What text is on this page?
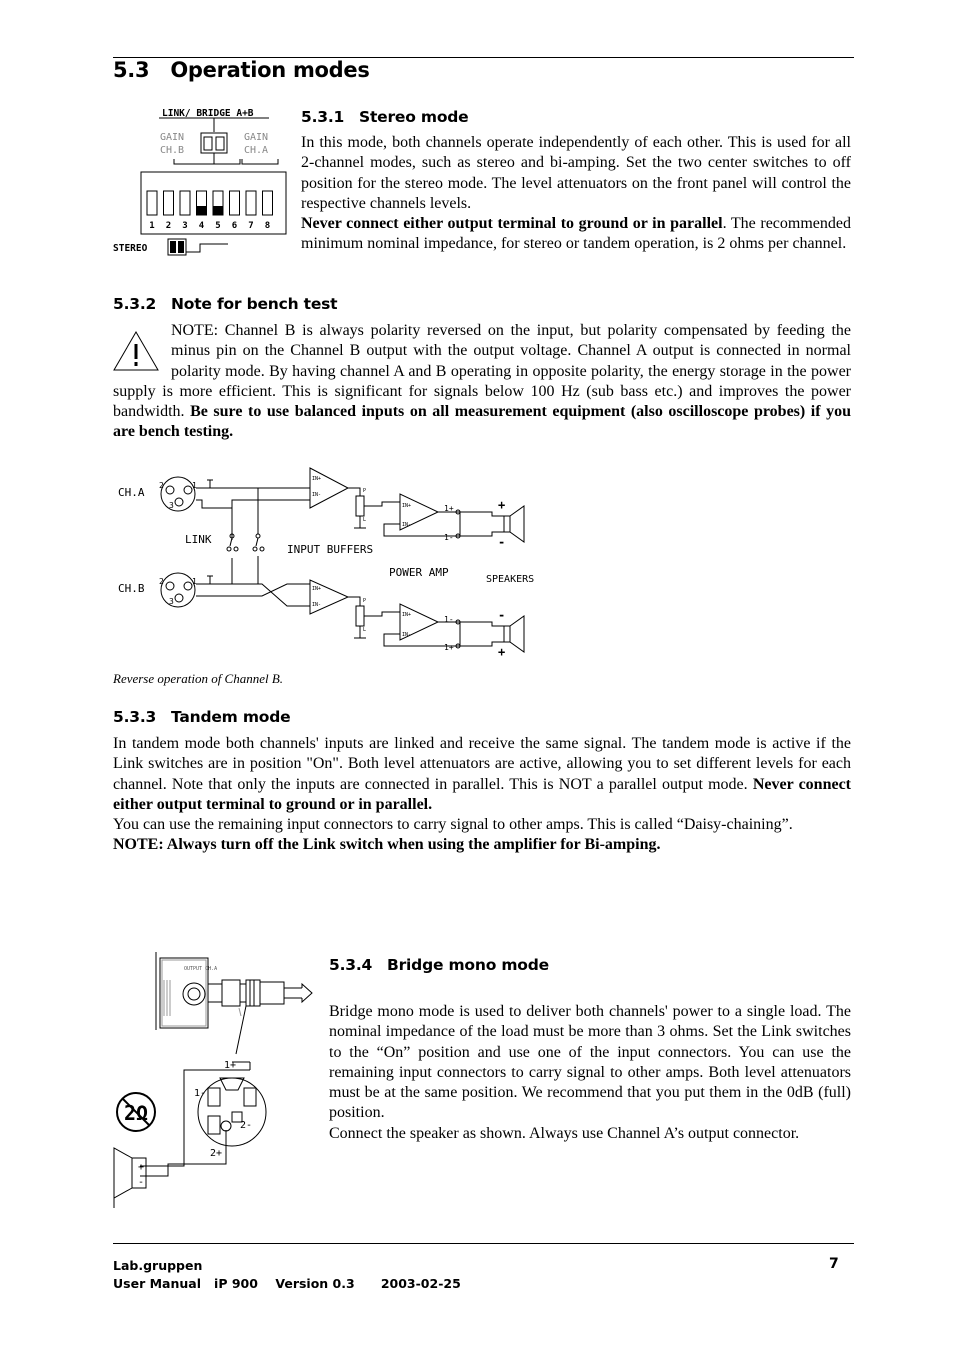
5.3 Operation modes
LINK/ BRIDGE A+B
GAIN
CH.B
GAIN
CH.A
1 2 3 4 5 6 7 8
STEREO
5.3.1 Stereo mode

In this mode, both channels operate independently of each other. This is used for all 2-channel modes, such as stereo and bi-amping. Set the two center switches to off position for the stereo mode. The level attenuators on the front panel will control the respective channels levels.
Never connect either output terminal to ground or in parallel. The recommended minimum nominal impedance, for stereo or tandem operation, is 2 ohms per channel.

5.3.2 Note for bench test
NOTE: Channel B is always polarity reversed on the input, but polarity compensated by feeding the minus pin on the Channel B output with the output voltage. Channel A output is connected in normal polarity mode. By having channel A and B operating in opposite polarity, the energy storage in the power supply is more efficient. This is significant for signals below 100 Hz (sub bass etc.) and improves the power bandwidth. Be sure to use balanced inputs on all measurement equipment (also oscilloscope probes) if you are bench testing.
CH.A
2	1
3
CH.B
2	1
3
LINK
INPUT BUFFERS
IN+
IN-
IN+
IN-
P
L
P
L
IN+
IN-
IN+
IN-
POWER AMP
1+
1-
+
-
1-
1+
-
+
SPEAKERS
Reverse operation of Channel B.
5.3.3 Tandem mode

In tandem mode both channels' inputs are linked and receive the same signal. The tandem mode is active if the Link switches are in position "On". Both level attenuators are active, allowing you to set different levels for each channel. Note that only the inputs are connected in parallel. This is NOT a parallel output mode. Never connect either output terminal to ground or in parallel.
You can use the remaining input connectors to carry signal to other amps. This is called “Daisy-chaining”.
NOTE: Always turn off the Link switch when using the amplifier for Bi-amping.

OUTPUT CH.A
2Ω
1+
1-
2-
2+
+
-
5.3.4 Bridge mono mode

Bridge mono mode is used to deliver both channels' power to a single load. The nominal impedance of the load must be more than 3 ohms. Set the Link switches to the “On” position and use one of the input connectors. You can use the remaining input connectors to carry signal to other amps. Both level attenuators must be at the same position. We recommend that you put them in the 0dB (full) position.
Connect the speaker as shown. Always use Channel A’s output connector.

Lab.gruppen
User Manual iP 900 Version 0.3 2003-02-25
7
